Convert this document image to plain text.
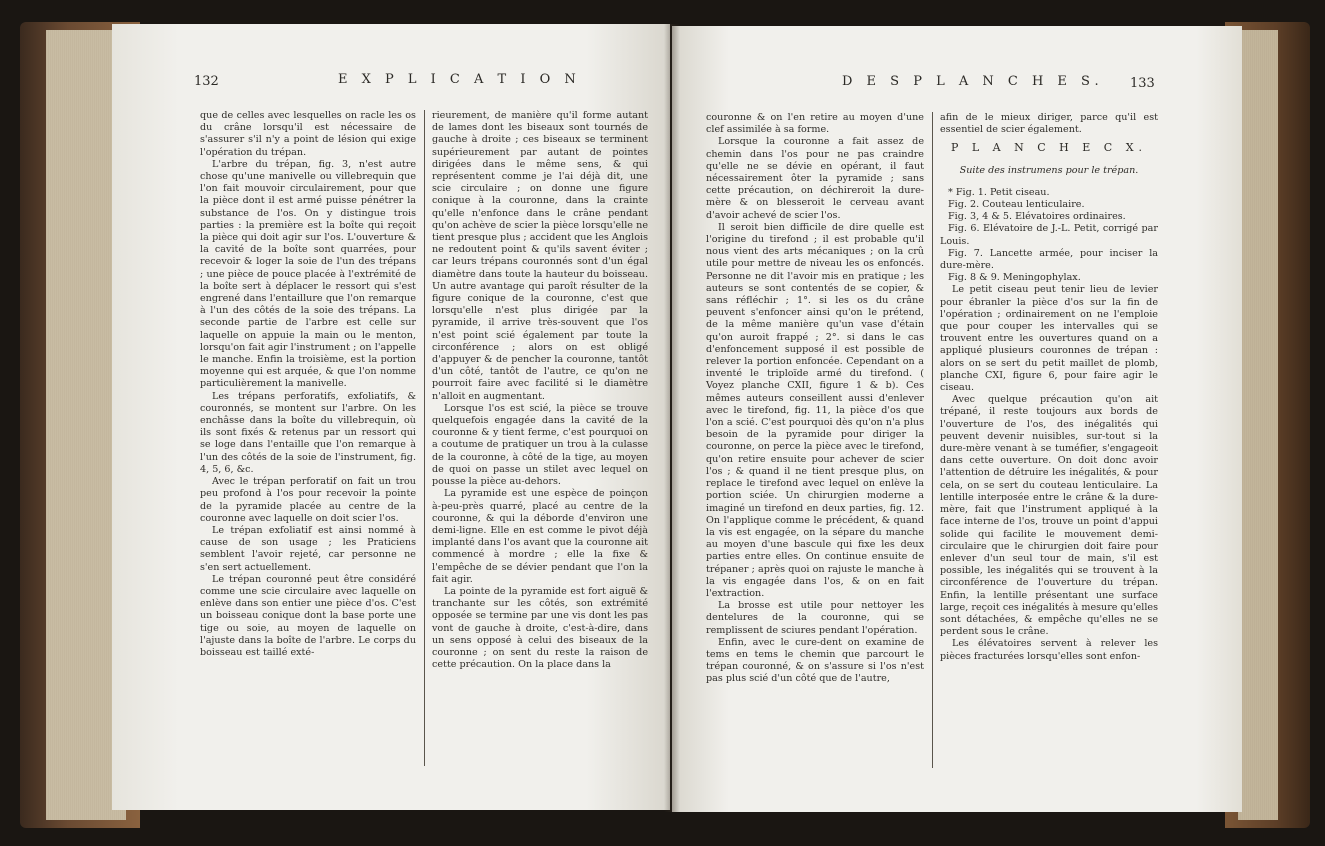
132	E X P L I C A T I O N

que de celles avec lesquelles on racle les os du crâne lorsqu'il est nécessaire de s'assurer s'il n'y a point de lésion qui exige l'opération du trépan.

L'arbre du trépan, fig. 3, n'est autre chose qu'une manivelle ou villebrequin que l'on fait mouvoir circulairement, pour que la pièce dont il est armé puisse pénétrer la substance de l'os. On y distingue trois parties : la première est la boîte qui reçoit la pièce qui doit agir sur l'os. L'ouverture & la cavité de la boîte sont quarrées, pour recevoir & loger la soie de l'un des trépans ; une pièce de pouce placée à l'extrémité de la boîte sert à déplacer le ressort qui s'est engrené dans l'entaillure que l'on remarque à l'un des côtés de la soie des trépans. La seconde partie de l'arbre est celle sur laquelle on appuie la main ou le menton, lorsqu'on fait agir l'instrument ; on l'appelle le manche. Enfin la troisième, est la portion moyenne qui est arquée, & que l'on nomme particulièrement la manivelle.

Les trépans perforatifs, exfoliatifs, & couronnés, se montent sur l'arbre. On les enchâsse dans la boîte du villebrequin, où ils sont fixés & retenus par un ressort qui se loge dans l'entaille que l'on remarque à l'un des côtés de la soie de l'instrument, fig. 4, 5, 6, &c.

Avec le trépan perforatif on fait un trou peu profond à l'os pour recevoir la pointe de la pyramide placée au centre de la couronne avec laquelle on doit scier l'os.

Le trépan exfoliatif est ainsi nommé à cause de son usage ; les Praticiens semblent l'avoir rejeté, car personne ne s'en sert actuellement.

Le trépan couronné peut être considéré comme une scie circulaire avec laquelle on enlève dans son entier une pièce d'os. C'est un boisseau conique dont la base porte une tige ou soie, au moyen de laquelle on l'ajuste dans la boîte de l'arbre. Le corps du boisseau est taillé exté-

rieurement, de manière qu'il forme autant de lames dont les biseaux sont tournés de gauche à droite ; ces biseaux se terminent supérieurement par autant de pointes dirigées dans le même sens, & qui représentent comme je l'ai déjà dit, une scie circulaire ; on donne une figure conique à la couronne, dans la crainte qu'elle n'enfonce dans le crâne pendant qu'on achève de scier la pièce lorsqu'elle ne tient presque plus ; accident que les Anglois ne redoutent point & qu'ils savent éviter ; car leurs trépans couronnés sont d'un égal diamètre dans toute la hauteur du boisseau. Un autre avantage qui paroît résulter de la figure conique de la couronne, c'est que lorsqu'elle n'est plus dirigée par la pyramide, il arrive très-souvent que l'os n'est point scié également par toute la circonférence ; alors on est obligé d'appuyer & de pencher la couronne, tantôt d'un côté, tantôt de l'autre, ce qu'on ne pourroit faire avec facilité si le diamètre n'alloit en augmentant.

Lorsque l'os est scié, la pièce se trouve quelquefois engagée dans la cavité de la couronne & y tient ferme, c'est pourquoi on a coutume de pratiquer un trou à la culasse de la couronne, à côté de la tige, au moyen de quoi on passe un stilet avec lequel on pousse la pièce au-dehors.

La pyramide est une espèce de poinçon à-peu-près quarré, placé au centre de la couronne, & qui la déborde d'environ une demi-ligne. Elle en est comme le pivot déjà implanté dans l'os avant que la couronne ait commencé à mordre ; elle la fixe & l'empêche de se dévier pendant que l'on la fait agir.

La pointe de la pyramide est fort aiguë & tranchante sur les côtés, son extrémité opposée se termine par une vis dont les pas vont de gauche à droite, c'est-à-dire, dans un sens opposé à celui des biseaux de la couronne ; on sent du reste la raison de cette précaution. On la place dans la

D E S P L A N C H E S. 133

couronne & on l'en retire au moyen d'une clef assimilée à sa forme.

Lorsque la couronne a fait assez de chemin dans l'os pour ne pas craindre qu'elle ne se dévie en opérant, il faut nécessairement ôter la pyramide ; sans cette précaution, on déchireroit la dure-mère & on blesseroit le cerveau avant d'avoir achevé de scier l'os.

Il seroit bien difficile de dire quelle est l'origine du tirefond ; il est probable qu'il nous vient des arts mécaniques ; on la crû utile pour mettre de niveau les os enfoncés. Personne ne dit l'avoir mis en pratique ; les auteurs se sont contentés de se copier, & sans réfléchir ; 1°. si les os du crâne peuvent s'enfoncer ainsi qu'on le prétend, de la même manière qu'un vase d'étain qu'on auroit frappé ; 2°. si dans le cas d'enfoncement supposé il est possible de relever la portion enfoncée. Cependant on a inventé le triploïde armé du tirefond. ( Voyez planche CXII, figure 1 & b). Ces mêmes auteurs conseillent aussi d'enlever avec le tirefond, fig. 11, la pièce d'os que l'on a scié. C'est pourquoi dès qu'on n'a plus besoin de la pyramide pour diriger la couronne, on perce la pièce avec le tirefond, qu'on retire ensuite pour achever de scier l'os ; & quand il ne tient presque plus, on replace le tirefond avec lequel on enlève la portion sciée. Un chirurgien moderne a imaginé un tirefond en deux parties, fig. 12. On l'applique comme le précédent, & quand la vis est engagée, on la sépare du manche au moyen d'une bascule qui fixe les deux parties entre elles. On continue ensuite de trépaner ; après quoi on rajuste le manche à la vis engagée dans l'os, & on en fait l'extraction.

La brosse est utile pour nettoyer les dentelures de la couronne, qui se remplissent de sciures pendant l'opération.

Enfin, avec le cure-dent on examine de tems en tems le chemin que parcourt le trépan couronné, & on s'assure si l'os n'est pas plus scié d'un côté que de l'autre,

afin de le mieux diriger, parce qu'il est essentiel de scier également.

P L A N C H E C X.

Suite des instrumens pour le trépan.

* Fig. 1. Petit ciseau.

Fig. 2. Couteau lenticulaire.

Fig. 3, 4 & 5. Elévatoires ordinaires.

Fig. 6. Elévatoire de J.-L. Petit, corrigé par Louis.

Fig. 7. Lancette armée, pour inciser la dure-mère.

Fig. 8 & 9. Meningophylax.

Le petit ciseau peut tenir lieu de levier pour ébranler la pièce d'os sur la fin de l'opération ; ordinairement on ne l'emploie que pour couper les intervalles qui se trouvent entre les ouvertures quand on a appliqué plusieurs couronnes de trépan : alors on se sert du petit maillet de plomb, planche CXI, figure 6, pour faire agir le ciseau.

Avec quelque précaution qu'on ait trépané, il reste toujours aux bords de l'ouverture de l'os, des inégalités qui peuvent devenir nuisibles, sur-tout si la dure-mère venant à se tuméfier, s'engageoit dans cette ouverture. On doit donc avoir l'attention de détruire les inégalités, & pour cela, on se sert du couteau lenticulaire. La lentille interposée entre le crâne & la dure-mère, fait que l'instrument appliqué à la face interne de l'os, trouve un point d'appui solide qui facilite le mouvement demi-circulaire que le chirurgien doit faire pour enlever d'un seul tour de main, s'il est possible, les inégalités qui se trouvent à la circonférence de l'ouverture du trépan. Enfin, la lentille présentant une surface large, reçoit ces inégalités à mesure qu'elles sont détachées, & empêche qu'elles ne se perdent sous le crâne.

Les élévatoires servent à relever les pièces fracturées lorsqu'elles sont enfon-
